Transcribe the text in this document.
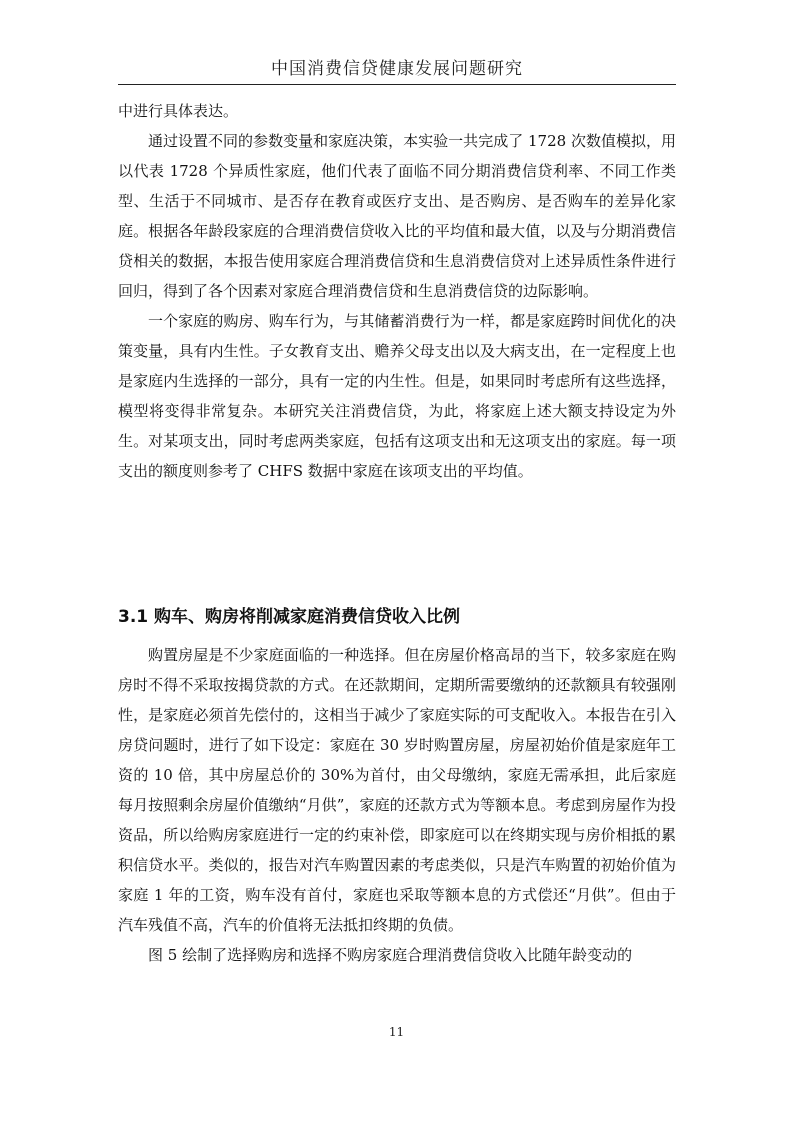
中国消费信贷健康发展问题研究

中进行具体表达。

通过设置不同的参数变量和家庭决策，本实验一共完成了 1728 次数值模拟，用以代表 1728 个异质性家庭，他们代表了面临不同分期消费信贷利率、不同工作类型、生活于不同城市、是否存在教育或医疗支出、是否购房、是否购车的差异化家庭。根据各年龄段家庭的合理消费信贷收入比的平均值和最大值，以及与分期消费信贷相关的数据，本报告使用家庭合理消费信贷和生息消费信贷对上述异质性条件进行回归，得到了各个因素对家庭合理消费信贷和生息消费信贷的边际影响。

一个家庭的购房、购车行为，与其储蓄消费行为一样，都是家庭跨时间优化的决策变量，具有内生性。子女教育支出、赡养父母支出以及大病支出，在一定程度上也是家庭内生选择的一部分，具有一定的内生性。但是，如果同时考虑所有这些选择，模型将变得非常复杂。本研究关注消费信贷，为此，将家庭上述大额支持设定为外生。对某项支出，同时考虑两类家庭，包括有这项支出和无这项支出的家庭。每一项支出的额度则参考了 CHFS 数据中家庭在该项支出的平均值。

3.1 购车、购房将削减家庭消费信贷收入比例

购置房屋是不少家庭面临的一种选择。但在房屋价格高昂的当下，较多家庭在购房时不得不采取按揭贷款的方式。在还款期间，定期所需要缴纳的还款额具有较强刚性，是家庭必须首先偿付的，这相当于减少了家庭实际的可支配收入。本报告在引入房贷问题时，进行了如下设定：家庭在 30 岁时购置房屋，房屋初始价值是家庭年工资的 10 倍，其中房屋总价的 30%为首付，由父母缴纳，家庭无需承担，此后家庭每月按照剩余房屋价值缴纳“月供”，家庭的还款方式为等额本息。考虑到房屋作为投资品，所以给购房家庭进行一定的约束补偿，即家庭可以在终期实现与房价相抵的累积信贷水平。类似的，报告对汽车购置因素的考虑类似，只是汽车购置的初始价值为家庭 1 年的工资，购车没有首付，家庭也采取等额本息的方式偿还“月供”。但由于汽车残值不高，汽车的价值将无法抵扣终期的负债。

图 5 绘制了选择购房和选择不购房家庭合理消费信贷收入比随年龄变动的

11
